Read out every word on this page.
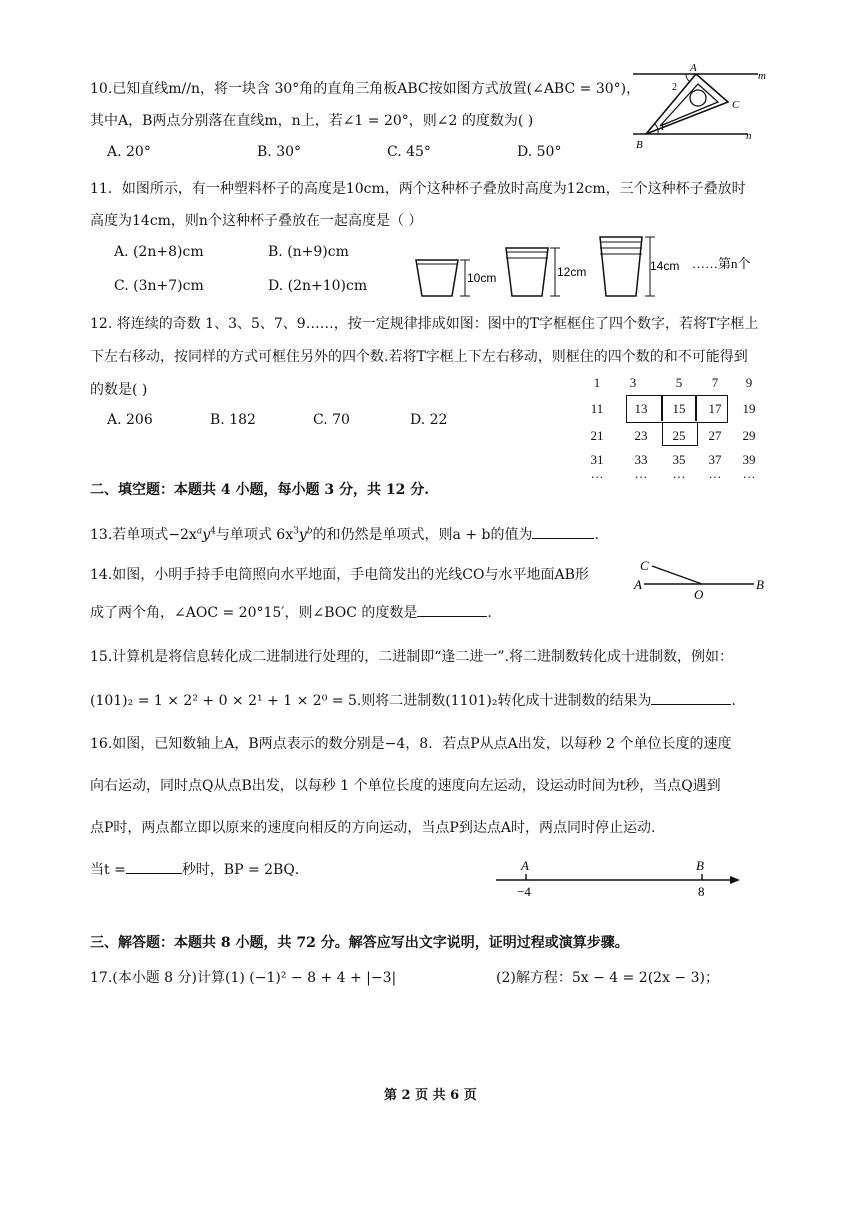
10.已知直线m//n，将一块含 30°角的直角三角板ABC按如图方式放置(∠ABC = 30°)，
其中A，B两点分别落在直线m，n上，若∠1 = 20°，则∠2 的度数为( )
A. 20°	B. 30°	C. 45°	D. 50°
A
B
C
m
n
2
1
11．如图所示，有一种塑料杯子的高度是10cm，两个这种杯子叠放时高度为12cm，三个这种杯子叠放时
高度为14cm，则n个这种杯子叠放在一起高度是（ ）
A. (2n+8)cm	B. (n+9)cm
C. (3n+7)cm	D. (2n+10)cm	10cm	12cm	14cm ……第n个
12. 将连续的奇数 1、3、5、7、9……，按一定规律排成如图：图中的T字框框住了四个数字，若将T字框上
下左右移动，按同样的方式可框住另外的四个数.若将T字框上下左右移动，则框住的四个数的和不可能得到
的数是( )
A. 206	B. 182	C. 70	D. 22
1	3	5	7	9
11	13	15	17	19
21	23	25	27	29
31	33	35	37	39
…	…	…	…	…
二、填空题：本题共 4 小题，每小题 3 分，共 12 分.
13.若单项式$-2x^ay^4$与单项式 $6x^3y^b$的和仍然是单项式，则a + b的值为	.
14.如图，小明手持手电筒照向水平地面，手电筒发出的光线CO与水平地面AB形
成了两个角，∠AOC = 20°15′，则∠BOC 的度数是	.
C
A
O
B
15.计算机是将信息转化成二进制进行处理的，二进制即“逢二进一”.将二进制数转化成十进制数，例如：
(101)₂ = 1 × 2² + 0 × 2¹ + 1 × 2⁰ = 5.则将二进制数(1101)₂转化成十进制数的结果为	.
16.如图，已知数轴上A，B两点表示的数分别是−4，8．若点P从点A出发，以每秒 2 个单位长度的速度
向右运动，同时点Q从点B出发，以每秒 1 个单位长度的速度向左运动，设运动时间为t秒，当点Q遇到
点P时，两点都立即以原来的速度向相反的方向运动，当点P到达点A时，两点同时停止运动.
当t =	秒时，BP = 2BQ．	A	B
−4	8
三、解答题：本题共 8 小题，共 72 分。解答应写出文字说明，证明过程或演算步骤。
17.(本小题 8 分)计算(1) (−1)² − 8 + 4 + |−3|	(2)解方程：5x − 4 = 2(2x − 3)；
第 2 页 共 6 页
